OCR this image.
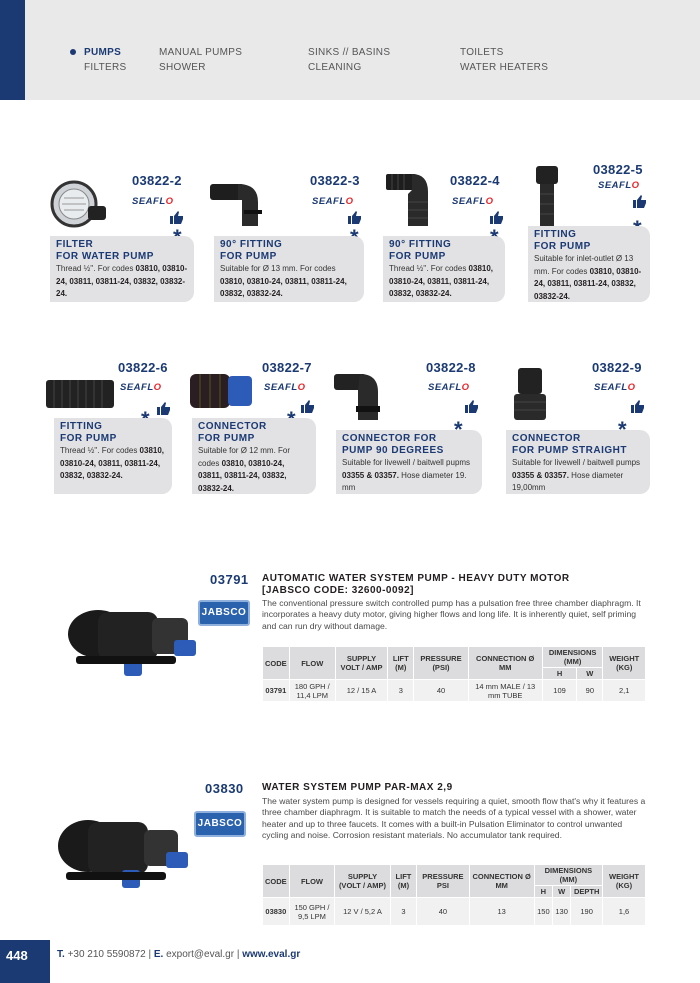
PUMPS
FILTERS
MANUAL PUMPS
SHOWER
SINKS // BASINS
CLEANING
TOILETS
WATER HEATERS
03822-2
SEAFLO
03822-3
SEAFLO
03822-4
SEAFLO
03822-5
SEAFLO
FILTER
FOR WATER PUMP
Thread ½''. For codes 03810, 03810-24, 03811, 03811-24, 03832, 03832-24.
90° FITTING
FOR PUMP
Suitable for Ø 13 mm. For codes 03810, 03810-24, 03811, 03811-24, 03832, 03832-24.
90° FITTING
FOR PUMP
Thread ½''. For codes 03810, 03810-24, 03811, 03811-24, 03832, 03832-24.
FITTING
FOR PUMP
Suitable for inlet-outlet Ø 13 mm. For codes 03810, 03810-24, 03811, 03811-24, 03832, 03832-24.
03822-6
SEAFLO
03822-7
SEAFLO
03822-8
SEAFLO
03822-9
SEAFLO
FITTING
FOR PUMP
Thread ½''. For codes 03810, 03810-24, 03811, 03811-24, 03832, 03832-24.
CONNECTOR
FOR PUMP
Suitable for Ø 12 mm. For codes 03810, 03810-24, 03811, 03811-24, 03832, 03832-24.
CONNECTOR FOR
PUMP 90 DEGREES
Suitable for livewell / baitwell pupms 03355 & 03357. Hose diameter 19. mm
CONNECTOR
FOR PUMP STRAIGHT
Suitable for livewell / baitwell pumps 03355 & 03357. Hose diameter 19,00mm
JABSCO
03791 AUTOMATIC WATER SYSTEM PUMP - HEAVY DUTY MOTOR
[JABSCO CODE: 32600-0092]
The conventional pressure switch controlled pump has a pulsation free three chamber diaphragm. It incorporates a heavy duty motor, giving higher flows and long life. It is inherently quiet, self priming and can run dry without damage.
CODE	FLOW	SUPPLY VOLT / AMP	LIFT (M)	PRESSURE (PSI)	CONNECTION Ø MM	DIMENSIONS (MM)		WEIGHT (KG)
						H	W	
03791	180 GPH / 11,4 LPM	12 / 15 A	3	40	14 mm MALE / 13 mm TUBE	109	90	2,1
JABSCO
03830 WATER SYSTEM PUMP PAR-MAX 2,9
The water system pump is designed for vessels requiring a quiet, smooth flow that's why it features a three chamber diaphragm. It is suitable to match the needs of a typical vessel with a shower, water heater and up to three faucets. It comes with a built-in Pulsation Eliminator to control unwanted cycling and noise. Corrosion resistant materials. No accumulator tank required.
CODE	FLOW	SUPPLY (VOLT / AMP)	LIFT (M)	PRESSURE PSI	CONNECTION Ø MM	DIMENSIONS (MM)			WEIGHT (KG)
						H	W	DEPTH	
03830	150 GPH / 9,5 LPM	12 V / 5,2 A	3	40	13	150	130	190	1,6
448	T. +30 210 5590872 | E. export@eval.gr | www.eval.gr
